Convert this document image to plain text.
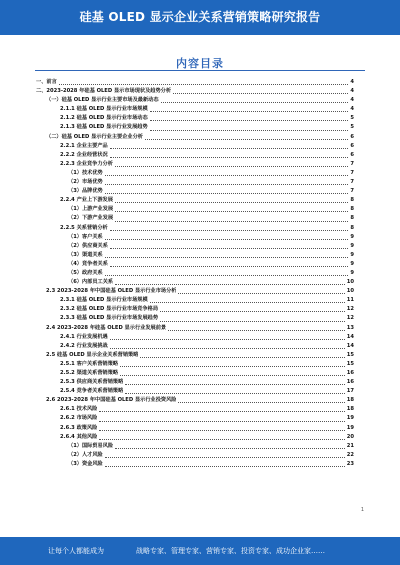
硅基 OLED 显示企业关系营销策略研究报告
内容目录
一、前言	4
二、2023-2028 年硅基 OLED 显示市场现状及趋势分析	4
（一）硅基 OLED 显示行业主要市场及最新动态	4
2.1.1 硅基 OLED 显示行业市场规模	4
2.1.2 硅基 OLED 显示行业市场动态	5
2.1.3 硅基 OLED 显示行业发展趋势	5
（二）硅基 OLED 显示行业主要企业分析	6
2.2.1 企业主要产品	6
2.2.2 企业经营状况	6
2.2.3 企业竞争力分析	7
（1）技术优势	7
（2）市场优势	7
（3）品牌优势	7
2.2.4 产业上下游发展	8
（1）上游产业发展	8
（2）下游产业发展	8
2.2.5 关系营销分析	8
（1）客户关系	9
（2）供应商关系	9
（3）渠道关系	9
（4）竞争者关系	9
（5）政府关系	9
（6）内部员工关系	10
2.3 2023-2028 年中国硅基 OLED 显示行业市场分析	10
2.3.1 硅基 OLED 显示行业市场规模	11
2.3.2 硅基 OLED 显示行业市场竞争格局	12
2.3.3 硅基 OLED 显示行业市场发展趋势	12
2.4 2023-2028 年硅基 OLED 显示行业发展前景	13
2.4.1 行业发展机遇	14
2.4.2 行业发展挑战	14
2.5 硅基 OLED 显示企业关系营销策略	15
2.5.1 客户关系营销策略	15
2.5.2 渠道关系营销策略	16
2.5.3 供应商关系营销策略	16
2.5.4 竞争者关系营销策略	17
2.6 2023-2028 年中国硅基 OLED 显示行业投资风险	18
2.6.1 技术风险	18
2.6.2 市场风险	19
2.6.3 政策风险	19
2.6.4 其他风险	20
（1）国际贸易风险	21
（2）人才风险	22
（3）资金风险	23
1
让每个人都能成为	战略专家、管理专家、营销专家、投资专家、成功企业家……
